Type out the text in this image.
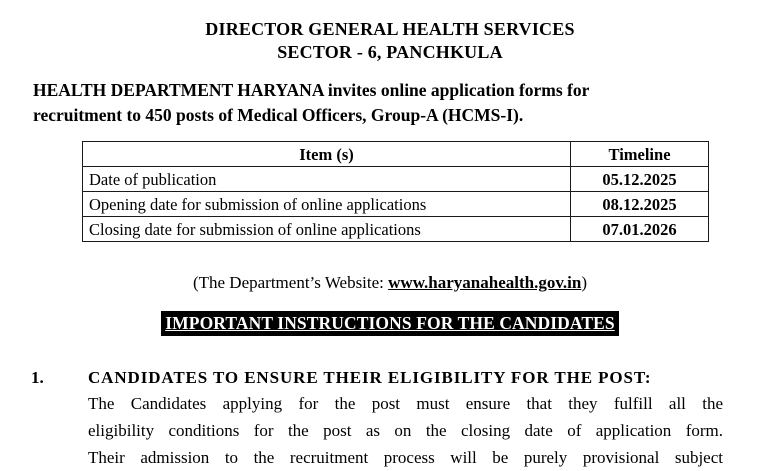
DIRECTOR GENERAL HEALTH SERVICES
SECTOR - 6, PANCHKULA
HEALTH DEPARTMENT HARYANA invites online application forms for
recruitment to 450 posts of Medical Officers, Group-A (HCMS-I).
Item (s)	Timeline
Date of publication	05.12.2025
Opening date for submission of online applications	08.12.2025
Closing date for submission of online applications	07.01.2026
(The Department’s Website: www.haryanahealth.gov.in)
IMPORTANT INSTRUCTIONS FOR THE CANDIDATES
1.	CANDIDATES TO ENSURE THEIR ELIGIBILITY FOR THE POST:
The Candidates applying for the post must ensure that they fulfill all the
eligibility conditions for the post as on the closing date of application form.
Their admission to the recruitment process will be purely provisional subject
